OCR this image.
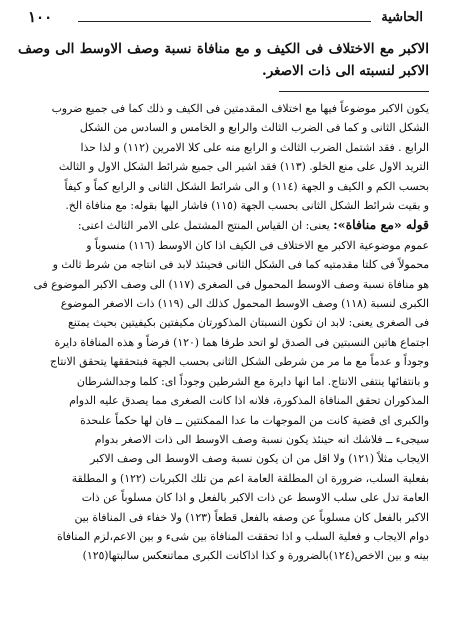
١٠٠	الحاشية
الاكبر مع الاختلاف فى الكيف و مع منافاة نسبة وصف الاوسط الى وصف
الاكبر لنسبته الى ذات الاصغر.
يكون الاكبر موضوعاً فيها مع اختلاف المقدمتين فى الكيف و ذلك كما فى جميع ضروب
الشكل الثانى و كما فى الضرب الثالث والرابع و الخامس و السادس من الشكل
الرابع . فقد اشتمل الضرب الثالث و الرابع منه على كلا الامرين (١١٢) و لذا حذا
التريد الاول على منع الخلو. (١١٣) فقد اشير الى جميع شرائط الشكل الاول و الثالث
بحسب الكم و الكيف و الجهة (١١٤) و الى شرائط الشكل الثانى و الرابع كماً و كيفاً
و بقيت شرائط الشكل الثانى بحسب الجهة (١١٥) فاشار اليها بقوله: مع منافاة الخ.
قوله «مع منافاة»: يعنى: ان القياس المنتج المشتمل على الامر الثالث اعنى:
عموم موضوعية الاكبر مع الاختلاف فى الكيف اذا كان الاوسط (١١٦) منسوباً و
محمولاً فى كلتا مقدمتيه كما فى الشكل الثانى فحينئذ لابد فى انتاجه من شرط ثالث و
هو منافاة نسبة وصف الاوسط المحمول فى الصغرى (١١٧) الى وصف الاكبر الموضوع فى
الكبرى لنسبة (١١٨) وصف الاوسط المحمول كذلك الى (١١٩) ذات الاصغر الموضوع
فى الصغرى يعنى: لابد ان تكون النسبتان المذكورتان مكيفتين بكيفيتين بحيث يمتنع
اجتماع هاتين النسبتين فى الصدق لو اتحد طرفا هما (١٢٠) فرضاً و هذه المنافاة دايرة
وجوداً و عدماً مع ما مر من شرطى الشكل الثانى بحسب الجهة فبتحققها يتحقق الانتاج
و بانتفائها ينتفى الانتاج. اما انها دايرة مع الشرطين وجوداً اى: كلما وجدالشرطان
المذكوران تحقق المنافاة المذكورة، فلانه اذا كانت الصغرى مما يصدق عليه الدوام
والكبرى اى قضية كانت من الموجهات ما عدا الممكنتين ــ فان لها حكماً علىحدة
سيجىء ــ فلاشك انه حينئذ يكون نسبة وصف الاوسط الى ذات الاصغر بدوام
الايجاب مثلاً (١٢١) ولا اقل من ان يكون نسبة وصف الاوسط الى وصف الاكبر
بفعلية السلب، ضرورة ان المطلقة العامة اعم من تلك الكبريات (١٢٢) و المطلقة
العامة تدل على سلب الاوسط عن ذات الاكبر بالفعل و اذا كان مسلوباً عن ذات
الاكبر بالفعل كان مسلوباً عن وصفه بالفعل قطعاً (١٢٣) ولا خفاء فى المنافاة بين
دوام الايجاب و فعلية السلب و اذا تحققت المنافاة بين شىء و بين الاعم،لزم المنافاة
بينه و بين الاخص(١٢٤)بالضرورة و كذا اذاكانت الكبرى مماتنعكس سالبتها(١٢٥)
